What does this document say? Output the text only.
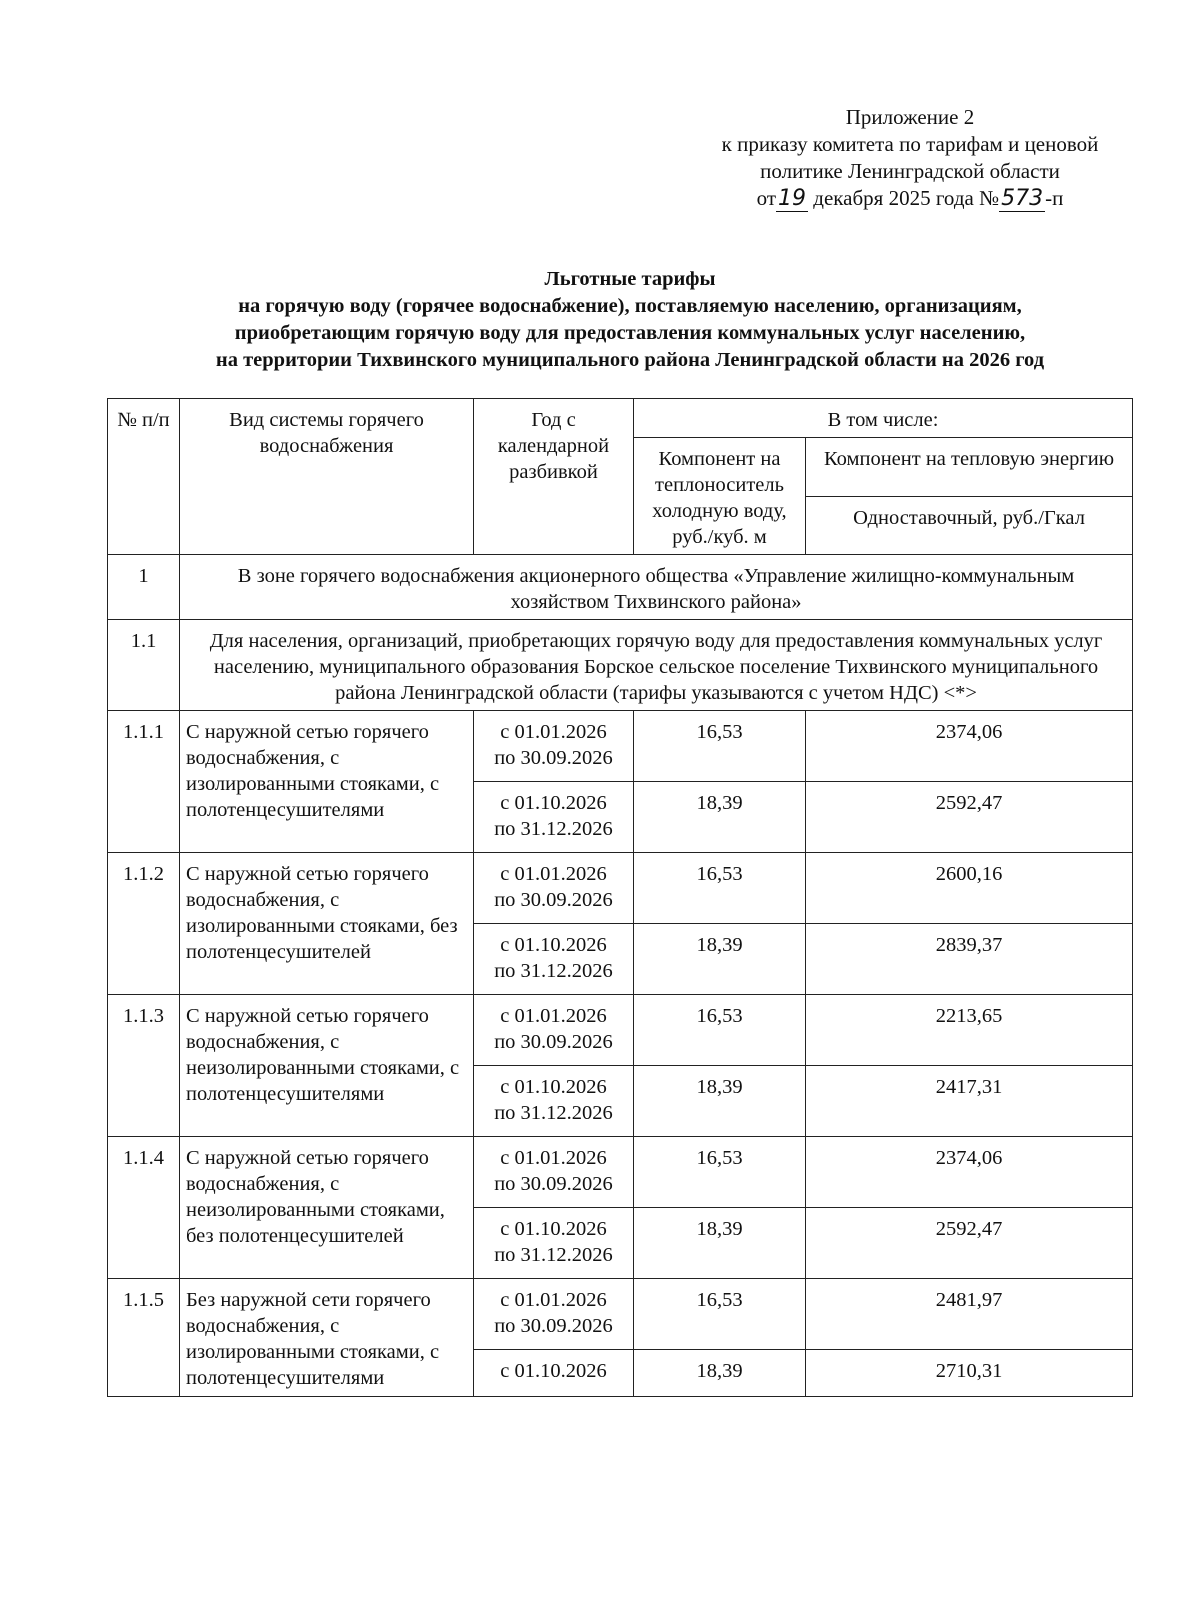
Приложение 2
к приказу комитета по тарифам и ценовой
политике Ленинградской области
от19 декабря 2025 года №573-п
Льготные тарифы
на горячую воду (горячее водоснабжение), поставляемую населению, организациям,
приобретающим горячую воду для предоставления коммунальных услуг населению,
на территории Тихвинского муниципального района Ленинградской области на 2026 год
№ п/п	Вид системы горячего водоснабжения	Год с календарной разбивкой	В том числе:	
			Компонент на теплоноситель холодную воду, руб./куб. м	Компонент на тепловую энергию
				Одноставочный, руб./Гкал
1	В зоне горячего водоснабжения акционерного общества «Управление жилищно-коммунальным хозяйством Тихвинского района»			
1.1	Для населения, организаций, приобретающих горячую воду для предоставления коммунальных услуг населению, муниципального образования Борское сельское поселение Тихвинского муниципального района Ленинградской области (тарифы указываются с учетом НДС) <*>			
1.1.1	С наружной сетью горячего водоснабжения, с изолированными стояками, с полотенцесушителями	с 01.01.2026
по 30.09.2026	16,53	2374,06

		с 01.10.2026
по 31.12.2026	18,39	2592,47
1.1.2	С наружной сетью горячего водоснабжения, с изолированными стояками, без полотенцесушителей	с 01.01.2026
по 30.09.2026	16,53	2600,16

		с 01.10.2026
по 31.12.2026	18,39	2839,37
1.1.3	С наружной сетью горячего водоснабжения, с неизолированными стояками, с полотенцесушителями	с 01.01.2026
по 30.09.2026	16,53	2213,65

		с 01.10.2026
по 31.12.2026	18,39	2417,31
1.1.4	С наружной сетью горячего водоснабжения, с неизолированными стояками, без полотенцесушителей	с 01.01.2026
по 30.09.2026	16,53	2374,06

		с 01.10.2026
по 31.12.2026	18,39	2592,47
1.1.5	Без наружной сети горячего водоснабжения, с изолированными стояками, с полотенцесушителями	с 01.01.2026
по 30.09.2026	16,53	2481,97

		с 01.10.2026	18,39	2710,31
